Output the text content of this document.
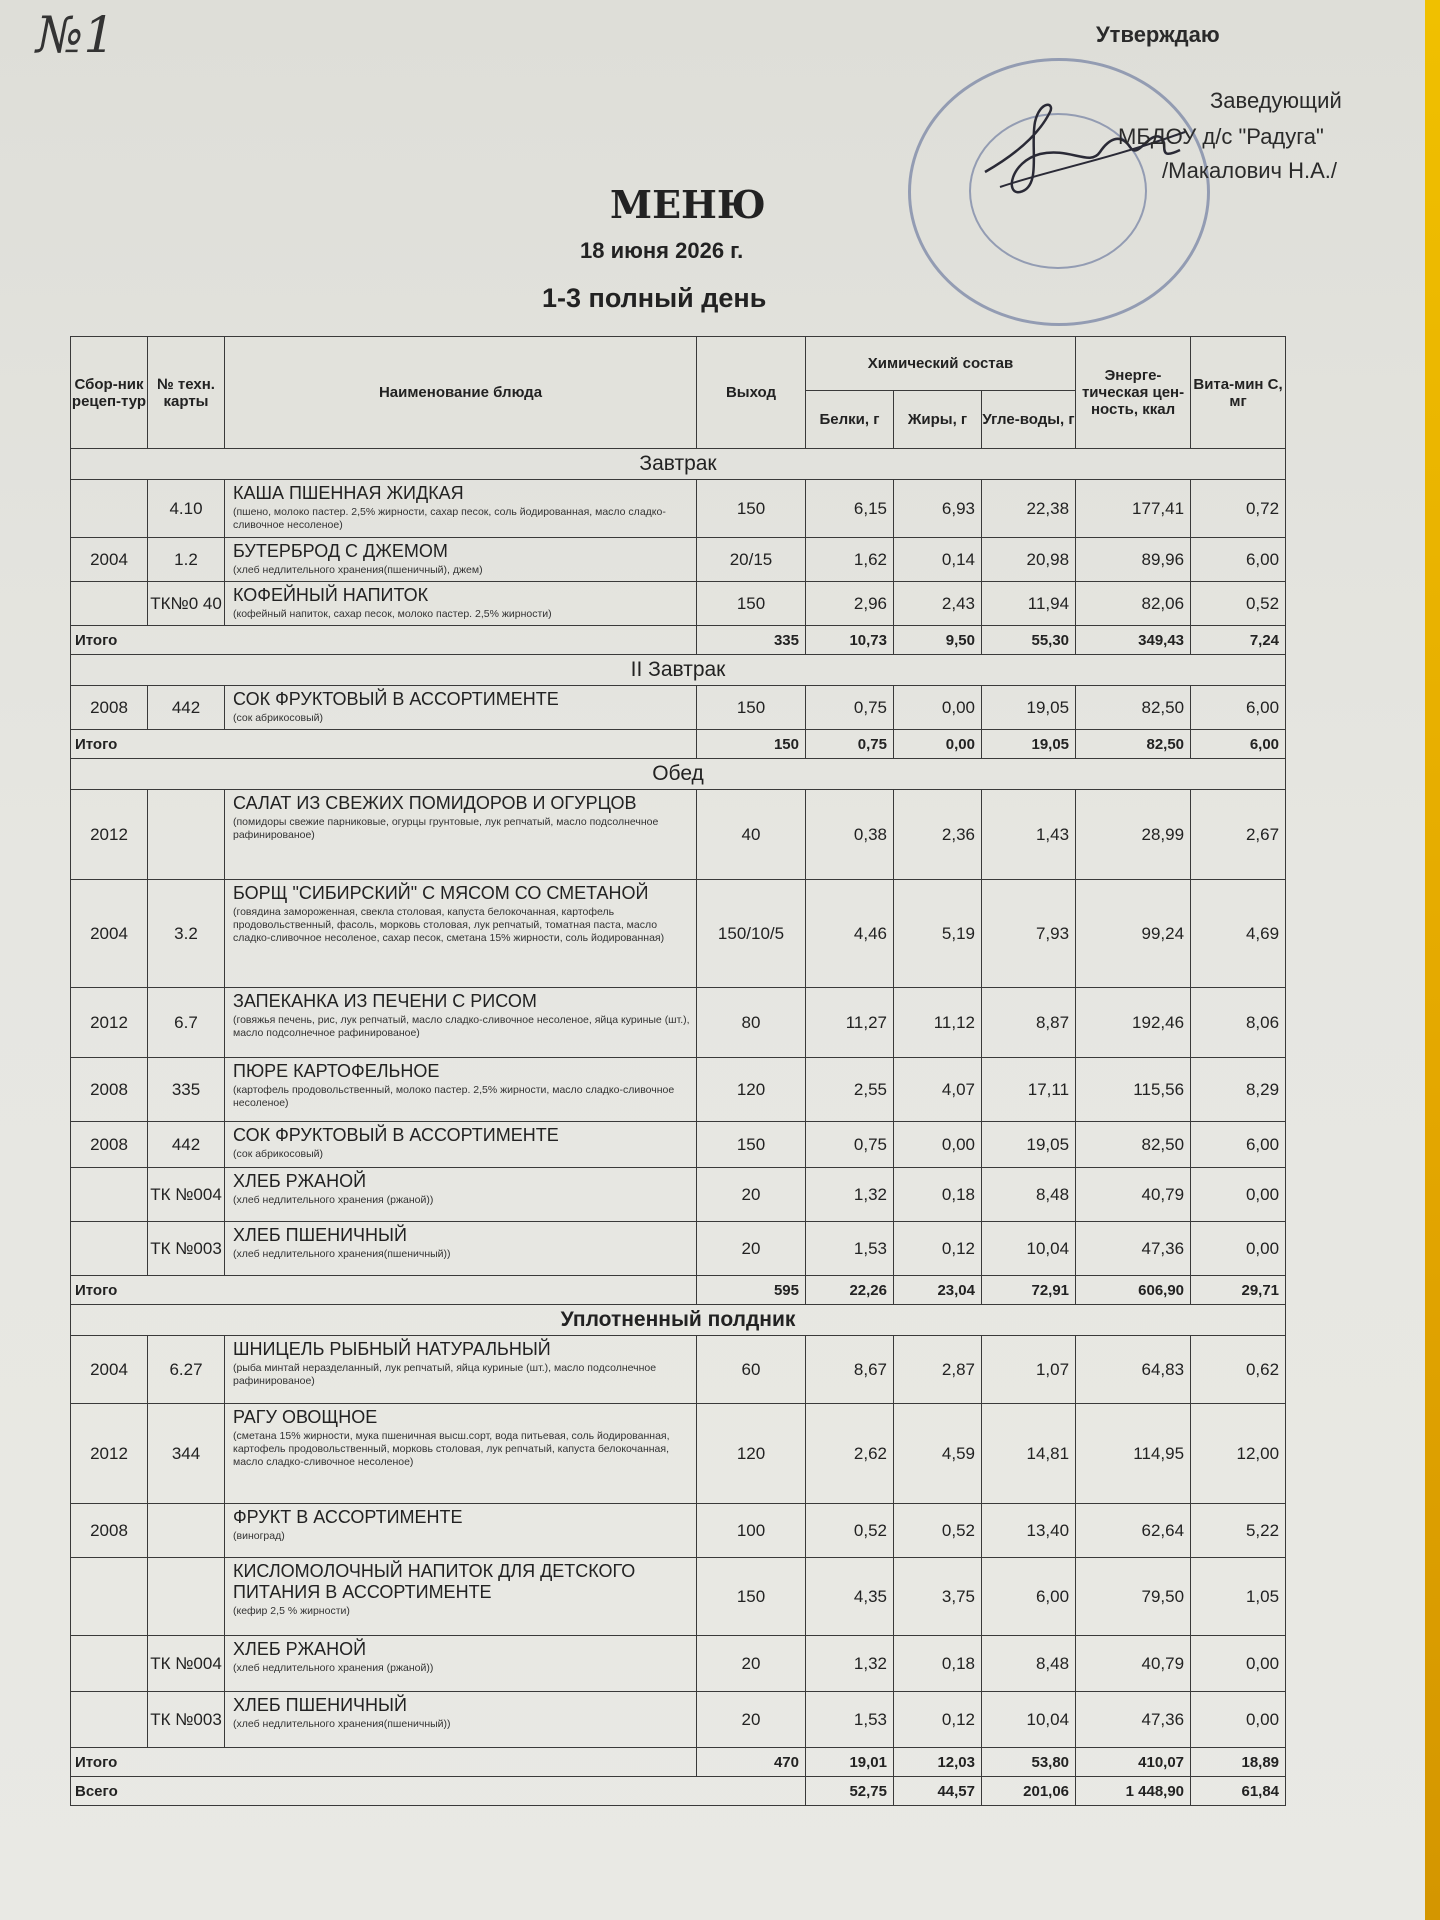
№1	Утверждаю
Заведующий
МБДОУ д/с "Радуга"
/Макалович Н.А./
МЕНЮ
18 июня 2026 г.
1-3 полный день
Сбор-ник рецеп-тур	№ техн. карты	Наименование блюда	Выход	Химический состав			Энерге-тическая цен-ность, ккал	Вита-мин С, мг
				Белки, г	Жиры, г	Угле-воды, г		
Завтрак								
	4.10	КАША ПШЕННАЯ ЖИДКАЯ
(пшено, молоко пастер. 2,5% жирности, сахар песок, соль йодированная, масло сладко-сливочное несоленое)	150	6,15	6,93	22,38	177,41	0,72
2004	1.2	БУТЕРБРОД С ДЖЕМОМ
(хлеб недлительного хранения(пшеничный), джем)	20/15	1,62	0,14	20,98	89,96	6,00
	ТК№0 40	КОФЕЙНЫЙ НАПИТОК
(кофейный напиток, сахар песок, молоко пастер. 2,5% жирности)	150	2,96	2,43	11,94	82,06	0,52
Итого			335	10,73	9,50	55,30	349,43	7,24
II Завтрак								
2008	442	СОК ФРУКТОВЫЙ В АССОРТИМЕНТЕ
(сок абрикосовый)	150	0,75	0,00	19,05	82,50	6,00
Итого			150	0,75	0,00	19,05	82,50	6,00
Обед								
2012		САЛАТ ИЗ СВЕЖИХ ПОМИДОРОВ И ОГУРЦОВ
(помидоры свежие парниковые, огурцы грунтовые, лук репчатый, масло подсолнечное рафинированое)	40	0,38	2,36	1,43	28,99	2,67
2004	3.2	БОРЩ "СИБИРСКИЙ" С МЯСОМ СО СМЕТАНОЙ
(говядина замороженная, свекла столовая, капуста белокочанная, картофель продовольственный, фасоль, морковь столовая, лук репчатый, томатная паста, масло сладко-сливочное несоленое, сахар песок, сметана 15% жирности, соль йодированная)	150/10/5	4,46	5,19	7,93	99,24	4,69
2012	6.7	ЗАПЕКАНКА ИЗ ПЕЧЕНИ С РИСОМ
(говяжья печень, рис, лук репчатый, масло сладко-сливочное несоленое, яйца куриные (шт.), масло подсолнечное рафинированое)	80	11,27	11,12	8,87	192,46	8,06
2008	335	ПЮРЕ КАРТОФЕЛЬНОЕ
(картофель продовольственный, молоко пастер. 2,5% жирности, масло сладко-сливочное несоленое)	120	2,55	4,07	17,11	115,56	8,29
2008	442	СОК ФРУКТОВЫЙ В АССОРТИМЕНТЕ
(сок абрикосовый)	150	0,75	0,00	19,05	82,50	6,00
	ТК №004	ХЛЕБ РЖАНОЙ
(хлеб недлительного хранения (ржаной))	20	1,32	0,18	8,48	40,79	0,00
	ТК №003	ХЛЕБ ПШЕНИЧНЫЙ
(хлеб недлительного хранения(пшеничный))	20	1,53	0,12	10,04	47,36	0,00
Итого			595	22,26	23,04	72,91	606,90	29,71
Уплотненный полдник								
2004	6.27	ШНИЦЕЛЬ РЫБНЫЙ НАТУРАЛЬНЫЙ
(рыба минтай неразделанный, лук репчатый, яйца куриные (шт.), масло подсолнечное рафинированое)	60	8,67	2,87	1,07	64,83	0,62
2012	344	РАГУ ОВОЩНОЕ
(сметана 15% жирности, мука пшеничная высш.сорт, вода питьевая, соль йодированная, картофель продовольственный, морковь столовая, лук репчатый, капуста белокочанная, масло сладко-сливочное несоленое)	120	2,62	4,59	14,81	114,95	12,00
2008		ФРУКТ В АССОРТИМЕНТЕ
(виноград)	100	0,52	0,52	13,40	62,64	5,22

		КИСЛОМОЛОЧНЫЙ НАПИТОК ДЛЯ ДЕТСКОГО ПИТАНИЯ В АССОРТИМЕНТЕ
(кефир 2,5 % жирности)	150	4,35	3,75	6,00	79,50	1,05
	ТК №004	ХЛЕБ РЖАНОЙ
(хлеб недлительного хранения (ржаной))	20	1,32	0,18	8,48	40,79	0,00
	ТК №003	ХЛЕБ ПШЕНИЧНЫЙ
(хлеб недлительного хранения(пшеничный))	20	1,53	0,12	10,04	47,36	0,00
Итого			470	19,01	12,03	53,80	410,07	18,89
Всего				52,75	44,57	201,06	1 448,90	61,84
